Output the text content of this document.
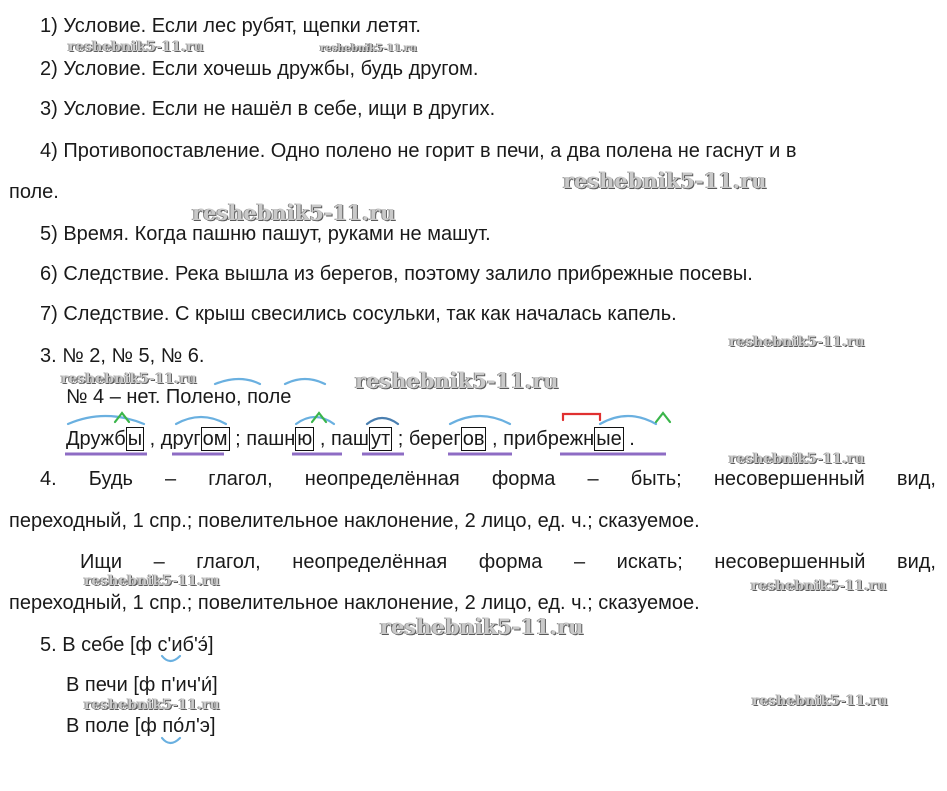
1) Условие. Если лес рубят, щепки летят.
2) Условие. Если хочешь дружбы, будь другом.
3) Условие. Если не нашёл в себе, ищи в других.
4) Противопоставление. Одно полено не горит в печи, а два полена не гаснут и в
поле.
5) Время. Когда пашню пашут, руками не машут.
6) Следствие. Река вышла из берегов, поэтому залило прибрежные посевы.
7) Следствие. С крыш свесились сосульки, так как началась капель.
3. № 2, № 5, № 6.
№ 4 – нет. Полено, поле
Дружб ы , друг ом ; пашн ю , паш ут ; берег ов , прибрежн ые .
4. Будь – глагол, неопределённая форма – быть; несовершенный вид,
переходный, 1 спр.; повелительное наклонение, 2 лицо, ед. ч.; сказуемое.
Ищи – глагол, неопределённая форма – искать; несовершенный вид,
переходный, 1 спр.; повелительное наклонение, 2 лицо, ед. ч.; сказуемое.
5. В себе [ф с'иб'э́]
В печи [ф п'ич'и́]
В поле [ф по́л'э]
reshebnik5-11.ru	reshebnik5-11.ru
reshebnik5-11.ru
reshebnik5-11.ru
reshebnik5-11.ru
reshebnik5-11.ru	reshebnik5-11.ru
reshebnik5-11.ru
reshebnik5-11.ru	reshebnik5-11.ru
reshebnik5-11.ru
reshebnik5-11.ru	reshebnik5-11.ru
